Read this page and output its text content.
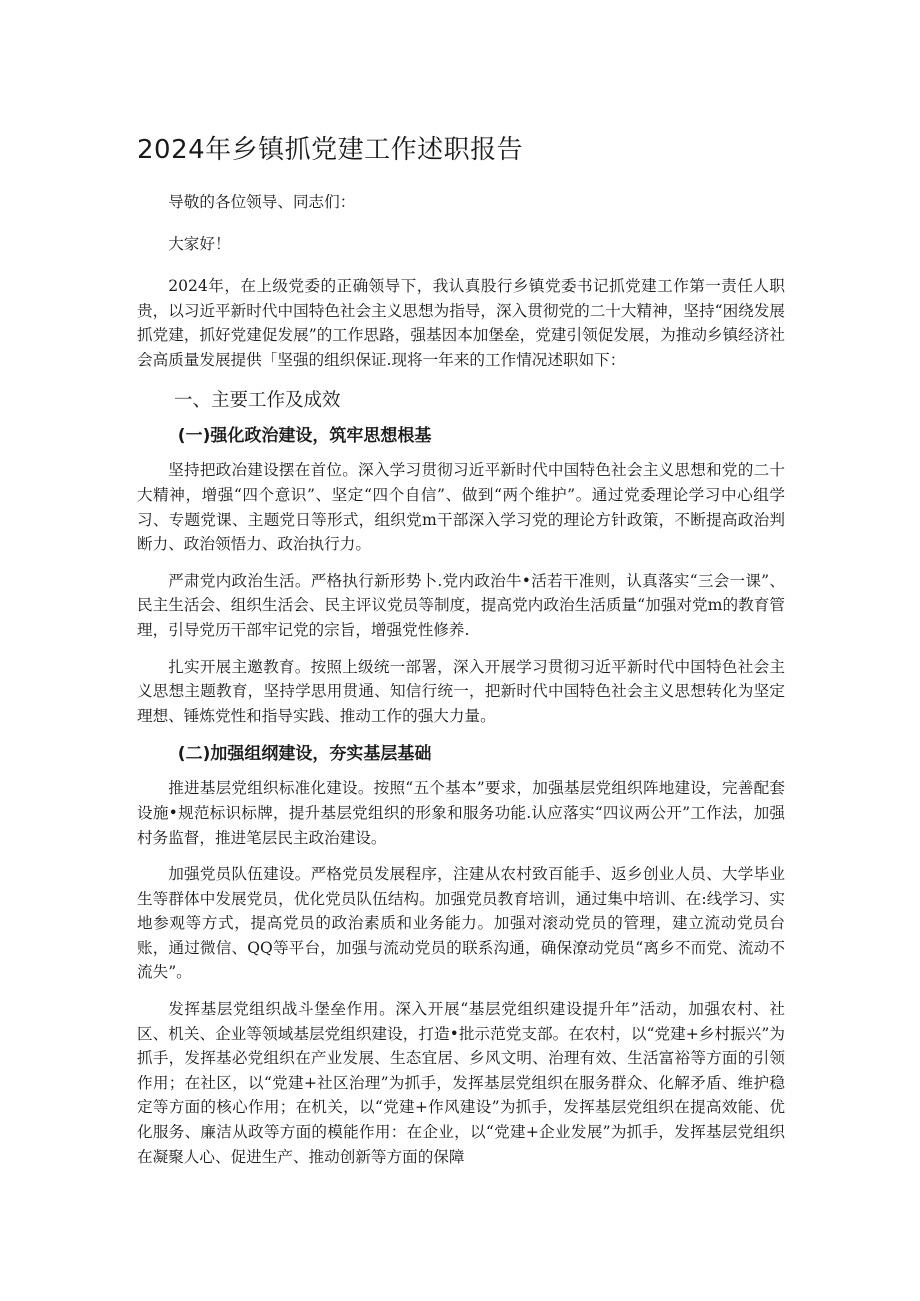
2024年乡镇抓党建工作述职报告
导敬的各位领导、同志们：
大家好！

2024年，在上级党委的正确领导下，我认真股行乡镇党委书记抓党建工作第一责任人职贵，以习近平新时代中国特色社会主义思想为指导，深入贯彻党的二十大精神，坚持“困绕发展抓党建，抓好党建促发展”的工作思路，强基因本加堡垒，党建引领促发展，为推动乡镇经济社会高质量发展提供「坚强的组织保证.现将一年来的工作情况述职如下：

一、主要工作及成效
(一)强化政治建设，筑牢思想根基

坚持把政冶建设摆在首位。深入学习贯彻习近平新时代中国特色社会主义思想和党的二十大精神，增强“四个意识”、坚定“四个自信”、做到“两个维护”。通过党委理论学习中心组学习、专题党课、主题党日等形式，组织党m干部深入学习党的理论方针政策，不断提高政治判断力、政治领悟力、政治执行力。

严肃党内政治生活。严格执行新形势卜.党内政治牛•活若干准则，认真落实“三会一课”、民主生活会、组织生活会、民主评议党员等制度，提高党内政治生活质量“加强对党m的教育管理，引导党历干部牢记党的宗旨，增强党性修养.

扎实开展主邀教育。按照上级统一部署，深入开展学习贯彻习近平新时代中国特色社会主义思想主题教育，坚持学思用贯通、知信行统一，把新时代中国特色社会主义思想转化为坚定理想、锤炼党性和指导实践、推动工作的强大力量。

(二)加强组纲建设，夯实基层基础

推进基层党组织标准化建设。按照“五个基本”要求，加强基层党组织阵地建设，完善配套设施•规范标识标牌，提升基层党组织的形象和服务功能.认应落实“四议两公开”工作法，加强村务监督，推进笔层民主政治建设。

加强党员队伍建设。严格党员发展程序，注建从农村致百能手、返乡创业人员、大学毕业生等群体中发展党员，优化党员队伍结构。加强党员教育培训，通过集中培训、在:线学习、实地参观等方式，提高党员的政治素质和业务能力。加强对滚动党员的管理，建立流动党员台账，通过微信、QQ等平台，加强与流动党员的联系沟通，确保潦动党员“离乡不而党、流动不流失”。

发挥基层党组织战斗堡垒作用。深入开展“基层党组织建设提升年”活动，加强农村、社区、机关、企业等领域基层党组织建设，打造•批示范党支部。在农村，以“党建+乡村振兴”为抓手，发挥基必党组织在产业发展、生态宜居、乡风文明、治理有效、生活富裕等方面的引领作用；在社区，以“党建+社区治理”为抓手，发挥基层党组织在服务群众、化解矛盾、维护稳定等方面的核心作用；在机关，以“党建+作风建设”为抓手，发挥基层党组织在提高效能、优化服务、廉洁从政等方面的模能作用：在企业，以“党建+企业发展”为抓手，发挥基层党组织在凝聚人心、促进生产、推动创新等方面的保障
